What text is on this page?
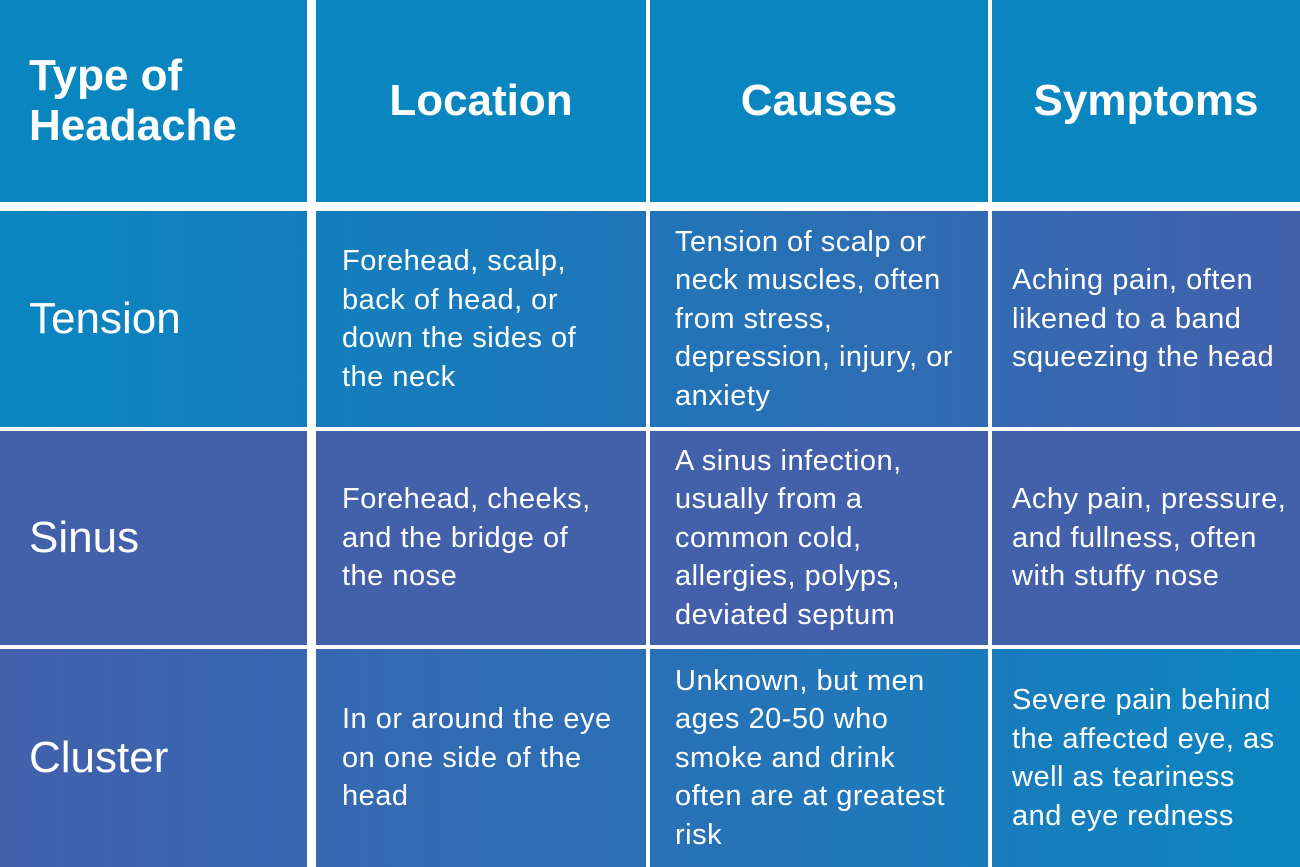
Type of Headache
Location	Causes	Symptoms
Tension
Forehead, scalp, back of head, or down the sides of the neck
Tension of scalp or neck muscles, often from stress, depression, injury, or anxiety
Aching pain, often likened to a band squeezing the head
Sinus
Forehead, cheeks, and the bridge of the nose
A sinus infection, usually from a common cold, allergies, polyps, deviated septum
Achy pain, pressure, and fullness, often with stuffy nose
Cluster
In or around the eye on one side of the head
Unknown, but men ages 20-50 who smoke and drink often are at greatest risk
Severe pain behind the affected eye, as well as teariness and eye redness
